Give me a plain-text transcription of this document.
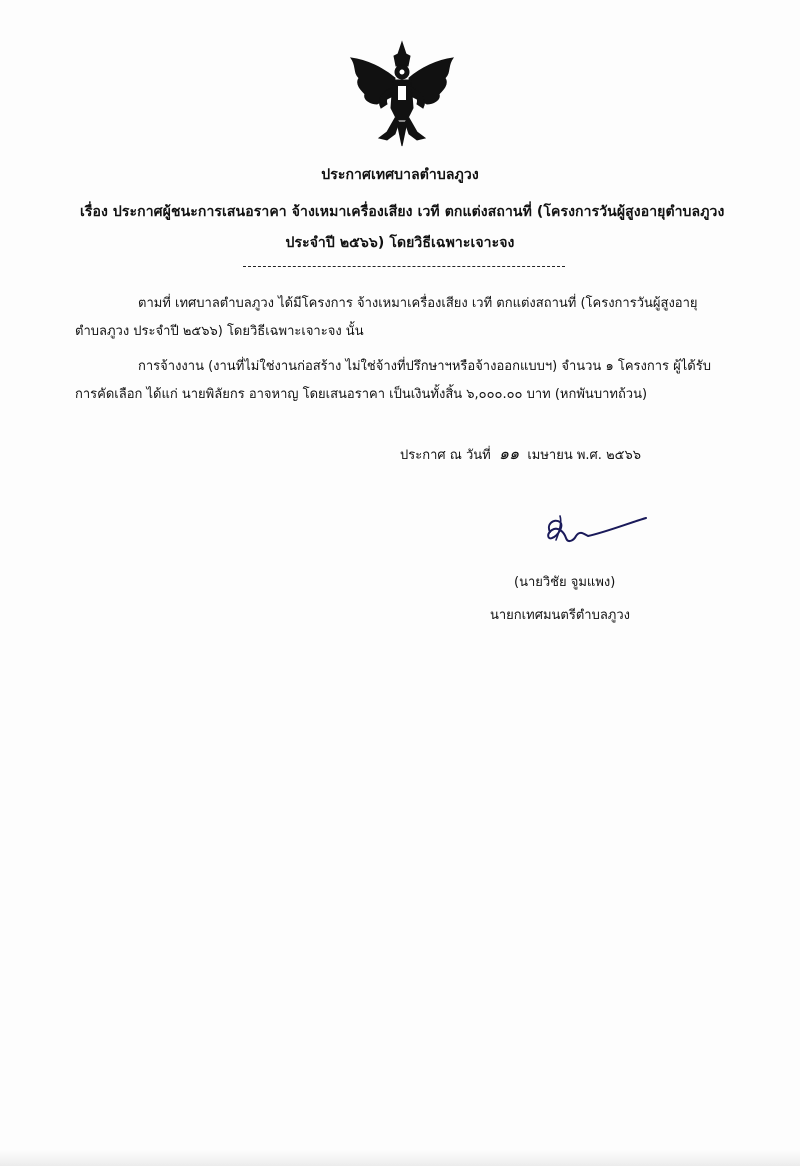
ประกาศเทศบาลตำบลภูวง
เรื่อง ประกาศผู้ชนะการเสนอราคา จ้างเหมาเครื่องเสียง เวที ตกแต่งสถานที่ (โครงการวันผู้สูงอายุตำบลภูวง
ประจำปี ๒๕๖๖) โดยวิธีเฉพาะเจาะจง
ตามที่ เทศบาลตำบลภูวง ได้มีโครงการ จ้างเหมาเครื่องเสียง เวที ตกแต่งสถานที่ (โครงการวันผู้สูงอายุ
ตำบลภูวง ประจำปี ๒๕๖๖) โดยวิธีเฉพาะเจาะจง นั้น
การจ้างงาน (งานที่ไม่ใช่งานก่อสร้าง ไม่ใช่จ้างที่ปรึกษาฯหรือจ้างออกแบบฯ) จำนวน ๑ โครงการ ผู้ได้รับ
การคัดเลือก ได้แก่ นายพิลัยกร อาจหาญ โดยเสนอราคา เป็นเงินทั้งสิ้น ๖,๐๐๐.๐๐ บาท (หกพันบาทถ้วน)
ประกาศ ณ วันที่ ๑๑ เมษายน พ.ศ. ๒๕๖๖
(นายวิชัย จูมแพง)
นายกเทศมนตรีตำบลภูวง
